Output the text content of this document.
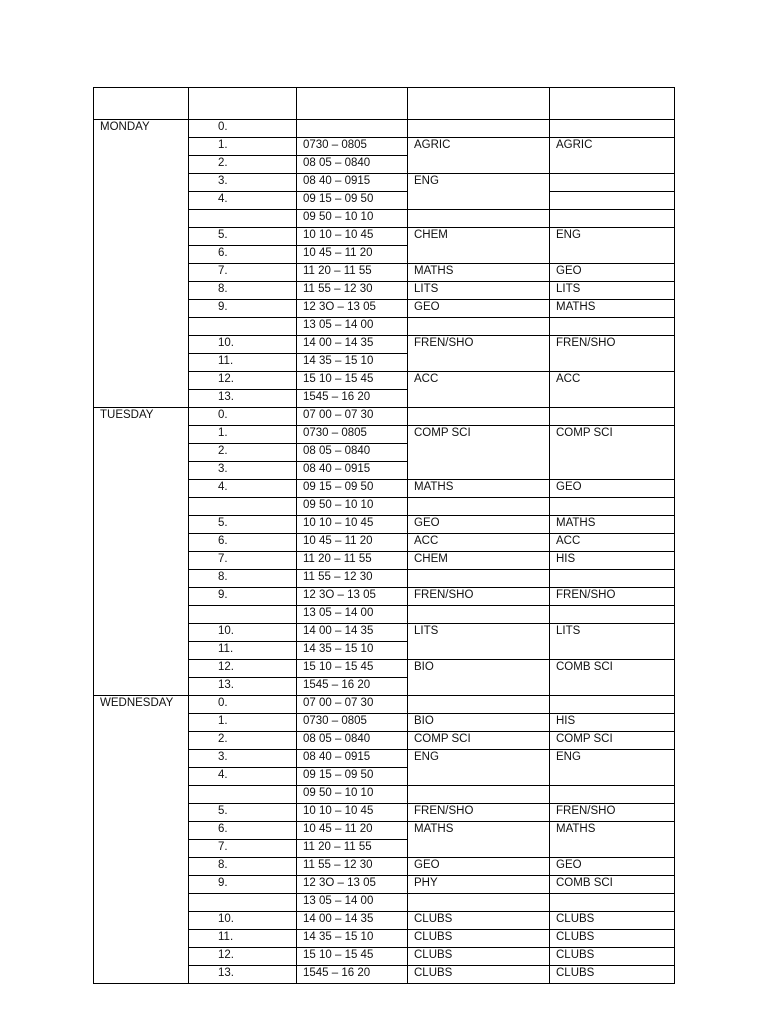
MONDAY	0.			
	1.	0730 – 0805	AGRIC	AGRIC
	2.	08 05 – 0840		
	3.	08 40 – 0915	ENG	
	4.	09 15 – 09 50		
		09 50 – 10 10		
	5.	10 10 – 10 45	CHEM	ENG
	6.	10 45 – 11 20		
	7.	11 20 – 11 55	MATHS	GEO
	8.	11 55 – 12 30	LITS	LITS
	9.	12 3O – 13 05	GEO	MATHS
		13 05 – 14 00		
	10.	14 00 – 14 35	FREN/SHO	FREN/SHO
	11.	14 35 – 15 10		
	12.	15 10 – 15 45	ACC	ACC
	13.	1545 – 16 20		
TUESDAY	0.	07 00 – 07 30		
	1.	0730 – 0805	COMP SCI	COMP SCI
	2.	08 05 – 0840		
	3.	08 40 – 0915		
	4.	09 15 – 09 50	MATHS	GEO
		09 50 – 10 10		
	5.	10 10 – 10 45	GEO	MATHS
	6.	10 45 – 11 20	ACC	ACC
	7.	11 20 – 11 55	CHEM	HIS
	8.	11 55 – 12 30		
	9.	12 3O – 13 05	FREN/SHO	FREN/SHO
		13 05 – 14 00		
	10.	14 00 – 14 35	LITS	LITS
	11.	14 35 – 15 10		
	12.	15 10 – 15 45	BIO	COMB SCI
	13.	1545 – 16 20		
WEDNESDAY	0.	07 00 – 07 30		
	1.	0730 – 0805	BIO	HIS
	2.	08 05 – 0840	COMP SCI	COMP SCI
	3.	08 40 – 0915	ENG	ENG
	4.	09 15 – 09 50		
		09 50 – 10 10		
	5.	10 10 – 10 45	FREN/SHO	FREN/SHO
	6.	10 45 – 11 20	MATHS	MATHS
	7.	11 20 – 11 55		
	8.	11 55 – 12 30	GEO	GEO
	9.	12 3O – 13 05	PHY	COMB SCI
		13 05 – 14 00		
	10.	14 00 – 14 35	CLUBS	CLUBS
	11.	14 35 – 15 10	CLUBS	CLUBS
	12.	15 10 – 15 45	CLUBS	CLUBS
	13.	1545 – 16 20	CLUBS	CLUBS
